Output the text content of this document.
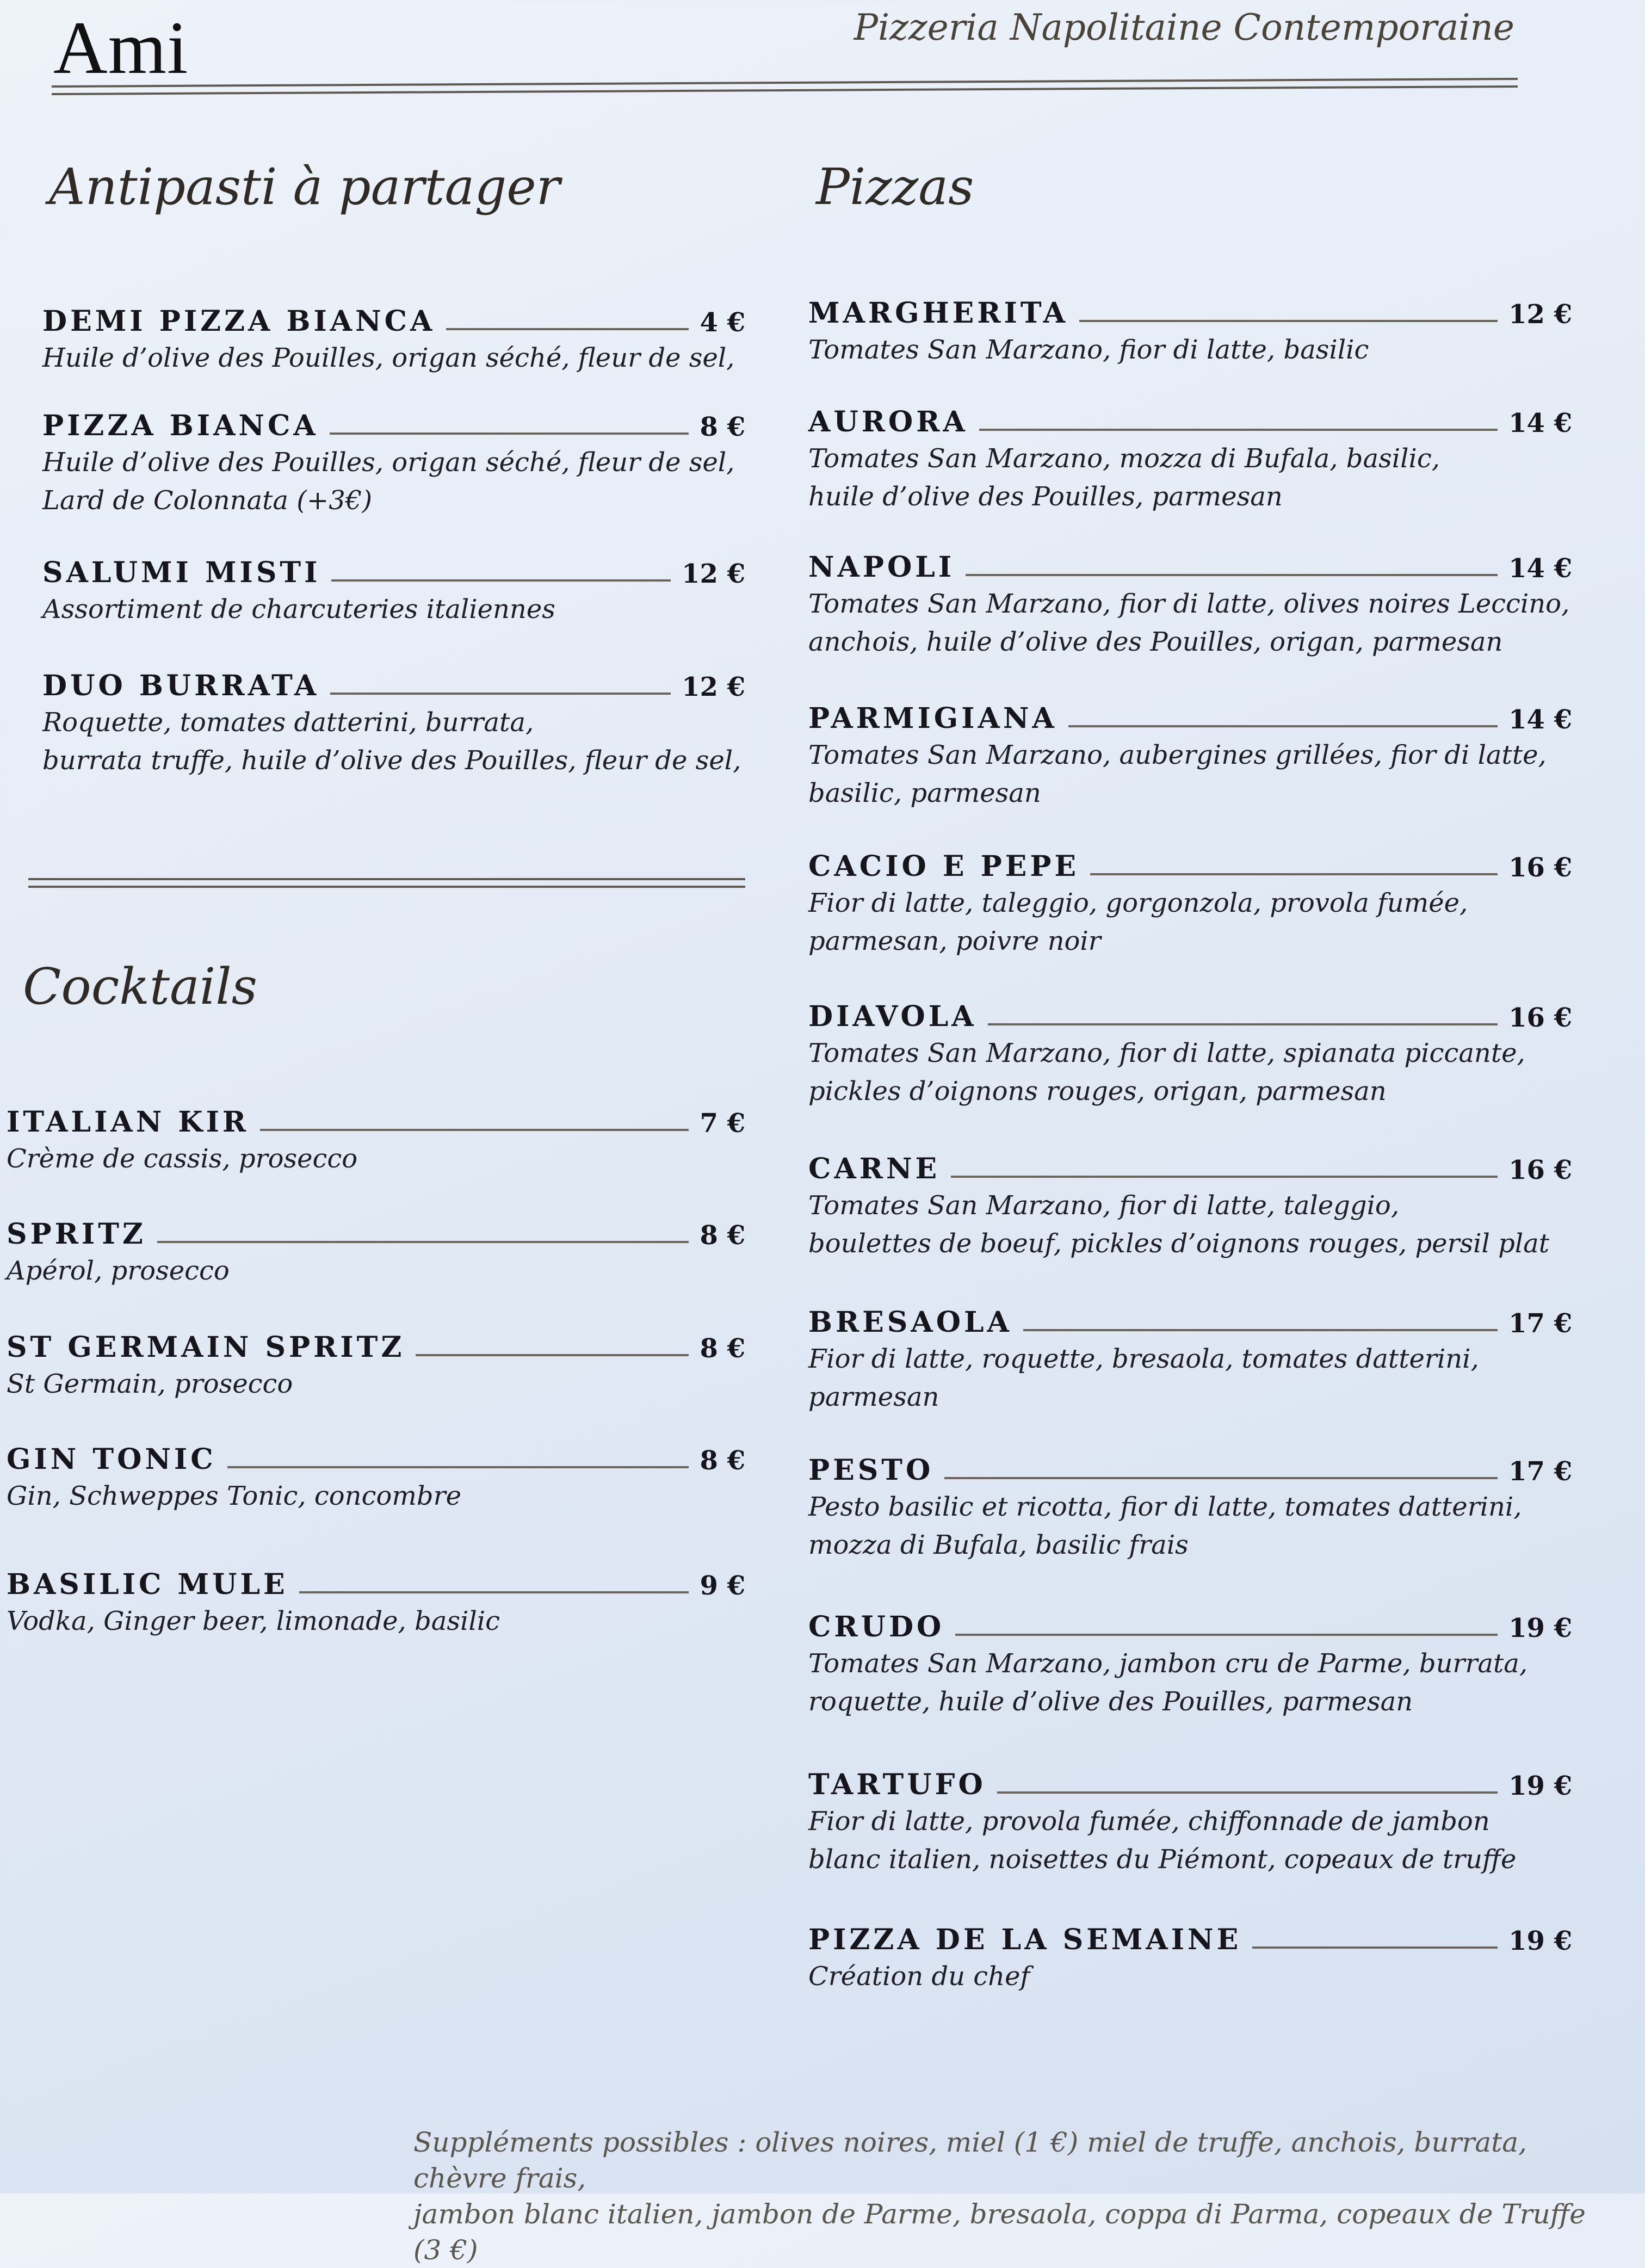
Ami	Pizzeria Napolitaine Contemporaine
Antipasti à partager
DEMI PIZZA BIANCA	4 €
Huile d’olive des Pouilles, origan séché, fleur de sel,
PIZZA BIANCA	8 €
Huile d’olive des Pouilles, origan séché, fleur de sel,
Lard de Colonnata (+3€)
SALUMI MISTI	12 €
Assortiment de charcuteries italiennes
DUO BURRATA	12 €
Roquette, tomates datterini, burrata,
burrata truffe, huile d’olive des Pouilles, fleur de sel,
Cocktails
ITALIAN KIR	7 €
Crème de cassis, prosecco
SPRITZ	8 €
Apérol, prosecco
ST GERMAIN SPRITZ	8 €
St Germain, prosecco
GIN TONIC	8 €
Gin, Schweppes Tonic, concombre
BASILIC MULE	9 €
Vodka, Ginger beer, limonade, basilic
Pizzas
MARGHERITA	12 €
Tomates San Marzano, fior di latte, basilic
AURORA	14 €
Tomates San Marzano, mozza di Bufala, basilic,
huile d’olive des Pouilles, parmesan
NAPOLI	14 €
Tomates San Marzano, fior di latte, olives noires Leccino,
anchois, huile d’olive des Pouilles, origan, parmesan
PARMIGIANA	14 €
Tomates San Marzano, aubergines grillées, fior di latte,
basilic, parmesan
CACIO E PEPE	16 €
Fior di latte, taleggio, gorgonzola, provola fumée,
parmesan, poivre noir
DIAVOLA	16 €
Tomates San Marzano, fior di latte, spianata piccante,
pickles d’oignons rouges, origan, parmesan
CARNE	16 €
Tomates San Marzano, fior di latte, taleggio,
boulettes de boeuf, pickles d’oignons rouges, persil plat
BRESAOLA	17 €
Fior di latte, roquette, bresaola, tomates datterini,
parmesan
PESTO	17 €
Pesto basilic et ricotta, fior di latte, tomates datterini,
mozza di Bufala, basilic frais
CRUDO	19 €
Tomates San Marzano, jambon cru de Parme, burrata,
roquette, huile d’olive des Pouilles, parmesan
TARTUFO	19 €
Fior di latte, provola fumée, chiffonnade de jambon
blanc italien, noisettes du Piémont, copeaux de truffe
PIZZA DE LA SEMAINE	19 €
Création du chef
Suppléments possibles : olives noires, miel (1 €) miel de truffe, anchois, burrata, chèvre frais,
jambon blanc italien, jambon de Parme, bresaola, coppa di Parma, copeaux de Truffe (3 €)
